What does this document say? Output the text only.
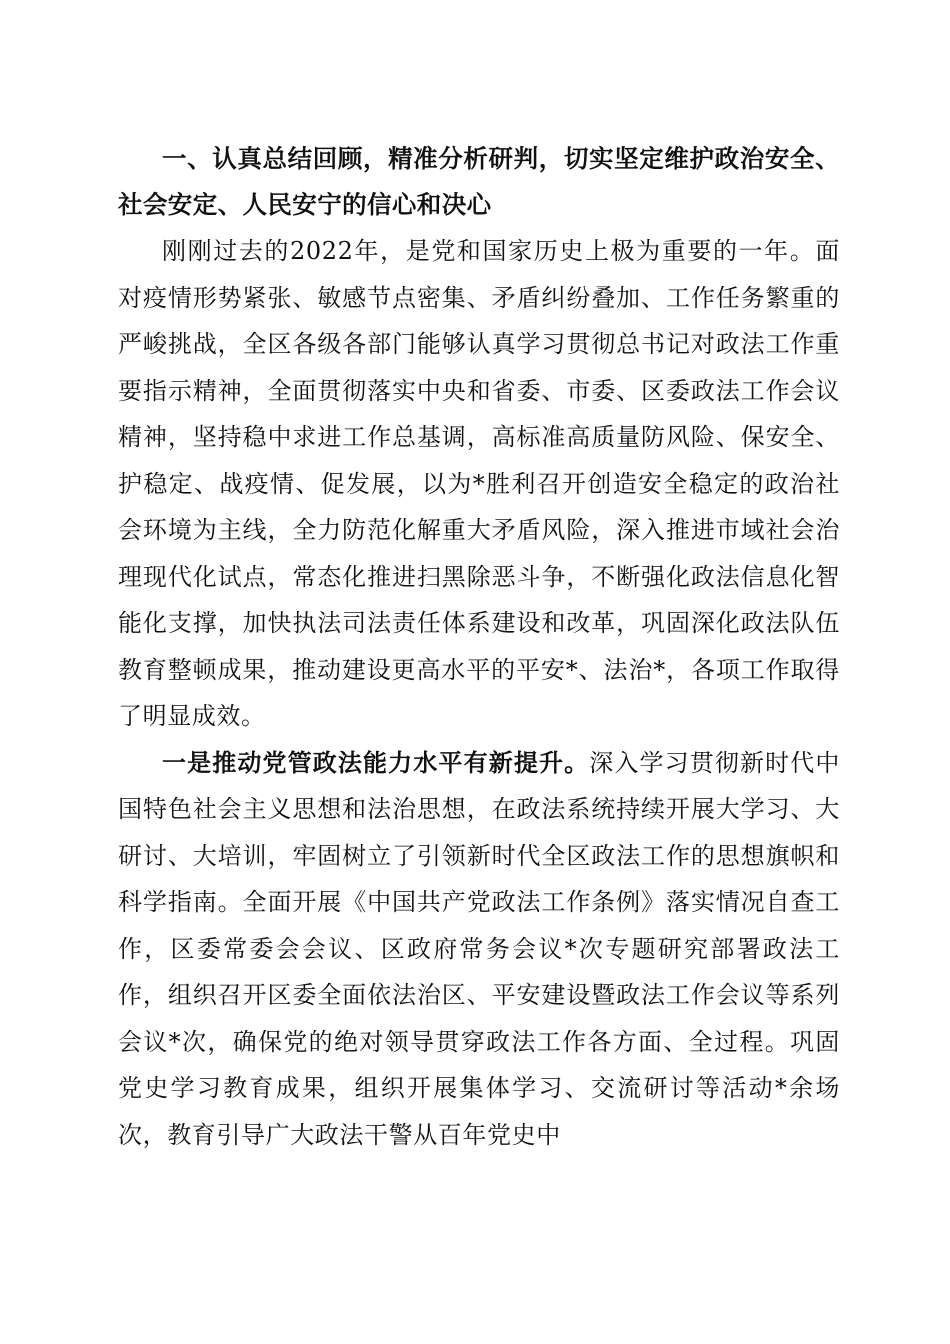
一、认真总结回顾，精准分析研判，切实坚定维护政治安全、社会安定、人民安宁的信心和决心

刚刚过去的2022年，是党和国家历史上极为重要的一年。面对疫情形势紧张、敏感节点密集、矛盾纠纷叠加、工作任务繁重的严峻挑战，全区各级各部门能够认真学习贯彻总书记对政法工作重要指示精神，全面贯彻落实中央和省委、市委、区委政法工作会议精神，坚持稳中求进工作总基调，高标准高质量防风险、保安全、护稳定、战疫情、促发展，以为*胜利召开创造安全稳定的政治社会环境为主线，全力防范化解重大矛盾风险，深入推进市域社会治理现代化试点，常态化推进扫黑除恶斗争，不断强化政法信息化智能化支撑，加快执法司法责任体系建设和改革，巩固深化政法队伍教育整顿成果，推动建设更高水平的平安*、法治*，各项工作取得了明显成效。

一是推动党管政法能力水平有新提升。深入学习贯彻新时代中国特色社会主义思想和法治思想，在政法系统持续开展大学习、大研讨、大培训，牢固树立了引领新时代全区政法工作的思想旗帜和科学指南。全面开展《中国共产党政法工作条例》落实情况自查工作，区委常委会会议、区政府常务会议*次专题研究部署政法工作，组织召开区委全面依法治区、平安建设暨政法工作会议等系列会议*次，确保党的绝对领导贯穿政法工作各方面、全过程。巩固党史学习教育成果，组织开展集体学习、交流研讨等活动*余场次，教育引导广大政法干警从百年党史中
